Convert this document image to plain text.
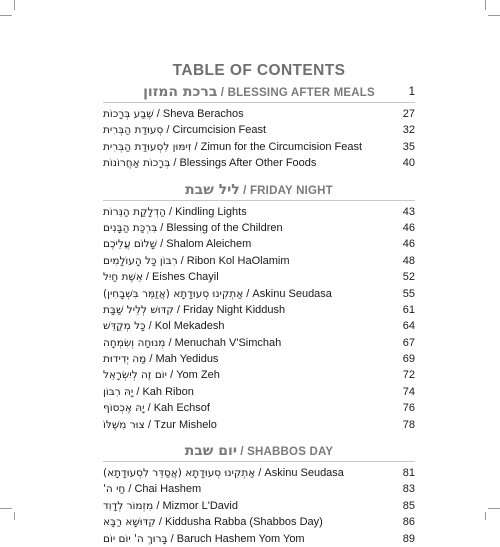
TABLE OF CONTENTS
ברכת המזון / BLESSING AFTER MEALS	1
שֶׁבַע בְּרָכוֹת / Sheva Berachos	27
סְעוּדַת הַבְּרִית / Circumcision Feast	32
זִימּוּן לִסְעוּדַת הַבְּרִית / Zimun for the Circumcision Feast	35
בְּרָכוֹת אַחֲרוֹנוֹת / Blessings After Other Foods	40
ליל שבת / FRIDAY NIGHT
הַדְלָקַת הַנֵּרוֹת / Kindling Lights	43
בִּרְכַּת הַבָּנִים / Blessing of the Children	46
שָׁלוֹם עֲלֵיכֶם / Shalom Aleichem	46
רִבּוֹן כָּל הָעוֹלָמִים / Ribon Kol HaOlamim	48
אֵשֶׁת חַיִל / Eishes Chayil	52
אַתְקִינוּ סְעוּדָתָא (אֲזַמֵּר בִּשְׁבָחִין) / Askinu Seudasa	55
קִדּוּשׁ לְלֵיל שַׁבָּת / Friday Night Kiddush	61
כָּל מְקַדֵּשׁ / Kol Mekadesh	64
מְנוּחָה וְשִׂמְחָה / Menuchah V'Simchah	67
מַה יְדִידוּת / Mah Yedidus	69
יוֹם זֶה לְיִשְׂרָאֵל / Yom Zeh	72
יָהּ רִבּוֹן / Kah Ribon	74
יָהּ אֶכְסוֹף / Kah Echsof	76
צוּר מִשֶּׁלּוֹ / Tzur Mishelo	78
יום שבת / SHABBOS DAY
אַתְקִינוּ סְעוּדָתָא (אֲסַדֵּר לִסְעוּדָתָא) / Askinu Seudasa	81
חַי ה' / Chai Hashem	83
מִזְמוֹר לְדָוִד / Mizmor L'David	85
קִדּוּשָׁא רַבָּא / Kiddusha Rabba (Shabbos Day)	86
בָּרוּךְ ה' יוֹם יוֹם / Baruch Hashem Yom Yom	89
